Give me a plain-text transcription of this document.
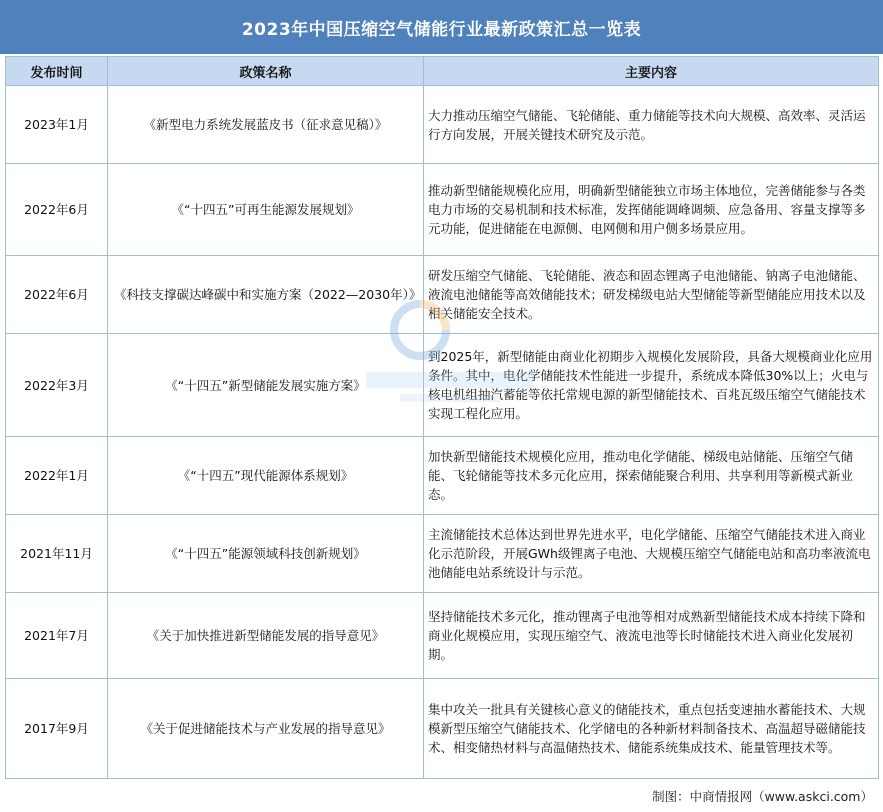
2023年中国压缩空气储能行业最新政策汇总一览表
发布时间	政策名称	主要内容
2023年1月	《新型电力系统发展蓝皮书（征求意见稿）》	大力推动压缩空气储能、飞轮储能、重力储能等技术向大规模、高效率、灵活运行方向发展，开展关键技术研究及示范。
2022年6月	《“十四五”可再生能源发展规划》	推动新型储能规模化应用，明确新型储能独立市场主体地位，完善储能参与各类电力市场的交易机制和技术标准，发挥储能调峰调频、应急备用、容量支撑等多元功能，促进储能在电源侧、电网侧和用户侧多场景应用。
2022年6月	《科技支撑碳达峰碳中和实施方案（2022—2030年）》	研发压缩空气储能、飞轮储能、液态和固态锂离子电池储能、钠离子电池储能、液流电池储能等高效储能技术；研发梯级电站大型储能等新型储能应用技术以及相关储能安全技术。
2022年3月	《“十四五”新型储能发展实施方案》	到2025年，新型储能由商业化初期步入规模化发展阶段，具备大规模商业化应用条件。其中，电化学储能技术性能进一步提升，系统成本降低30%以上；火电与核电机组抽汽蓄能等依托常规电源的新型储能技术、百兆瓦级压缩空气储能技术实现工程化应用。
2022年1月	《“十四五”现代能源体系规划》	加快新型储能技术规模化应用，推动电化学储能、梯级电站储能、压缩空气储能、飞轮储能等技术多元化应用，探索储能聚合利用、共享利用等新模式新业态。
2021年11月	《“十四五”能源领域科技创新规划》	主流储能技术总体达到世界先进水平，电化学储能、压缩空气储能技术进入商业化示范阶段，开展GWh级锂离子电池、大规模压缩空气储能电站和高功率液流电池储能电站系统设计与示范。
2021年7月	《关于加快推进新型储能发展的指导意见》	坚持储能技术多元化，推动锂离子电池等相对成熟新型储能技术成本持续下降和商业化规模应用，实现压缩空气、液流电池等长时储能技术进入商业化发展初期。
2017年9月	《关于促进储能技术与产业发展的指导意见》	集中攻关一批具有关键核心意义的储能技术，重点包括变速抽水蓄能技术、大规模新型压缩空气储能技术、化学储电的各种新材料制备技术、高温超导磁储能技术、相变储热材料与高温储热技术、储能系统集成技术、能量管理技术等。
制图：中商情报网（www.askci.com）
